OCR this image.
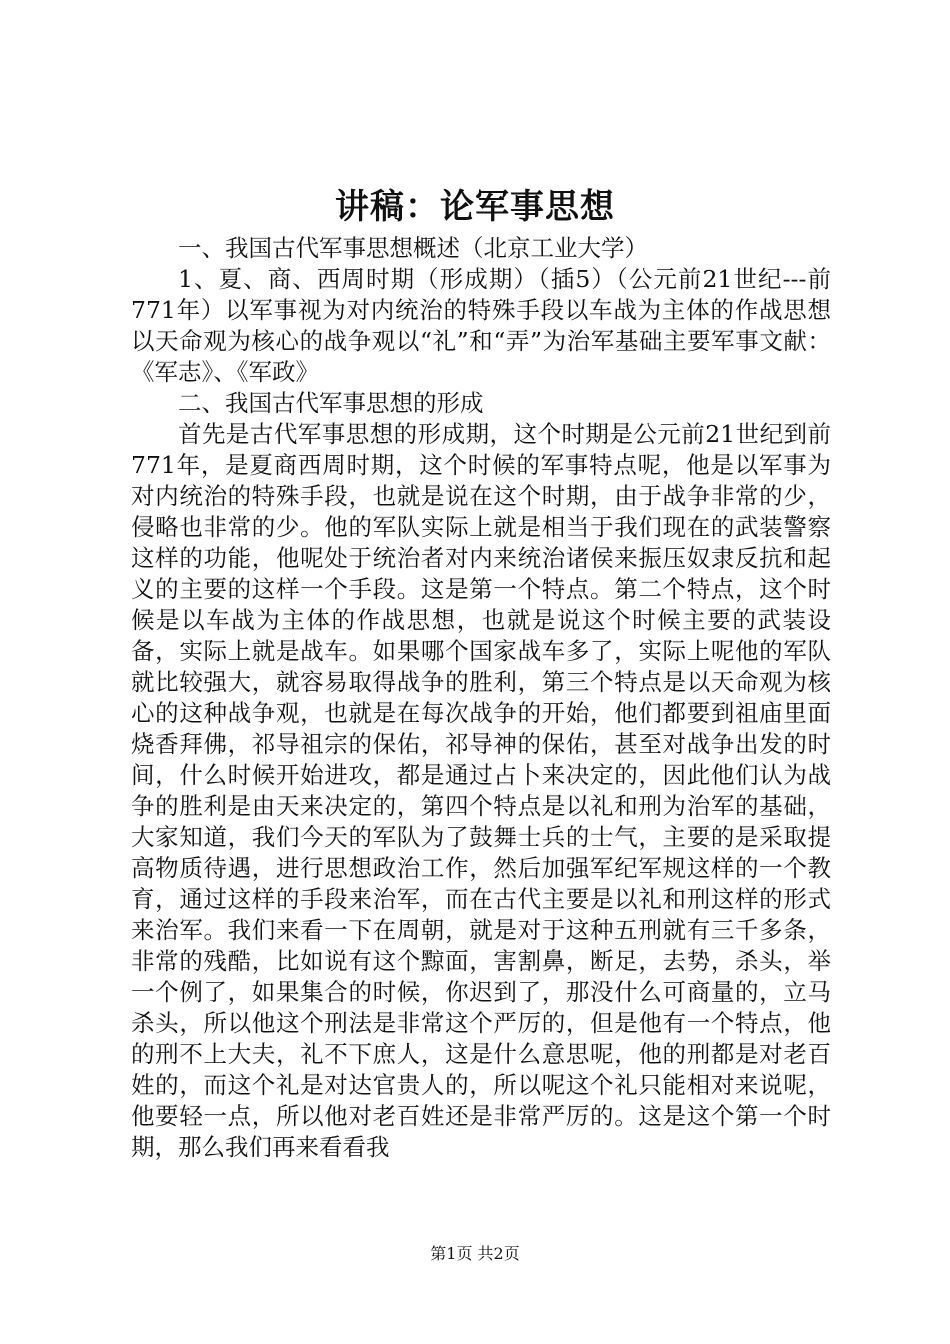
讲稿：论军事思想

一、我国古代军事思想概述（北京工业大学）

1、夏、商、西周时期（形成期）（插5）（公元前21世纪---前771年）以军事视为对内统治的特殊手段以车战为主体的作战思想以天命观为核心的战争观以“礼”和“弄”为治军基础主要军事文献：《军志》、《军政》

二、我国古代军事思想的形成

首先是古代军事思想的形成期，这个时期是公元前21世纪到前771年，是夏商西周时期，这个时候的军事特点呢，他是以军事为对内统治的特殊手段，也就是说在这个时期，由于战争非常的少，侵略也非常的少。他的军队实际上就是相当于我们现在的武装警察这样的功能，他呢处于统治者对内来统治诸侯来振压奴隶反抗和起义的主要的这样一个手段。这是第一个特点。第二个特点，这个时候是以车战为主体的作战思想，也就是说这个时候主要的武装设备，实际上就是战车。如果哪个国家战车多了，实际上呢他的军队就比较强大，就容易取得战争的胜利，第三个特点是以天命观为核心的这种战争观，也就是在每次战争的开始，他们都要到祖庙里面烧香拜佛，祁导祖宗的保佑，祁导神的保佑，甚至对战争出发的时间，什么时候开始进攻，都是通过占卜来决定的，因此他们认为战争的胜利是由天来决定的，第四个特点是以礼和刑为治军的基础，大家知道，我们今天的军队为了鼓舞士兵的士气，主要的是采取提高物质待遇，进行思想政治工作，然后加强军纪军规这样的一个教育，通过这样的手段来治军，而在古代主要是以礼和刑这样的形式来治军。我们来看一下在周朝，就是对于这种五刑就有三千多条，非常的残酷，比如说有这个黥面，害割鼻，断足，去势，杀头，举一个例了，如果集合的时候，你迟到了，那没什么可商量的，立马杀头，所以他这个刑法是非常这个严厉的，但是他有一个特点，他的刑不上大夫，礼不下庶人，这是什么意思呢，他的刑都是对老百姓的，而这个礼是对达官贵人的，所以呢这个礼只能相对来说呢，他要轻一点，所以他对老百姓还是非常严厉的。这是这个第一个时期，那么我们再来看看我

第1页 共2页
